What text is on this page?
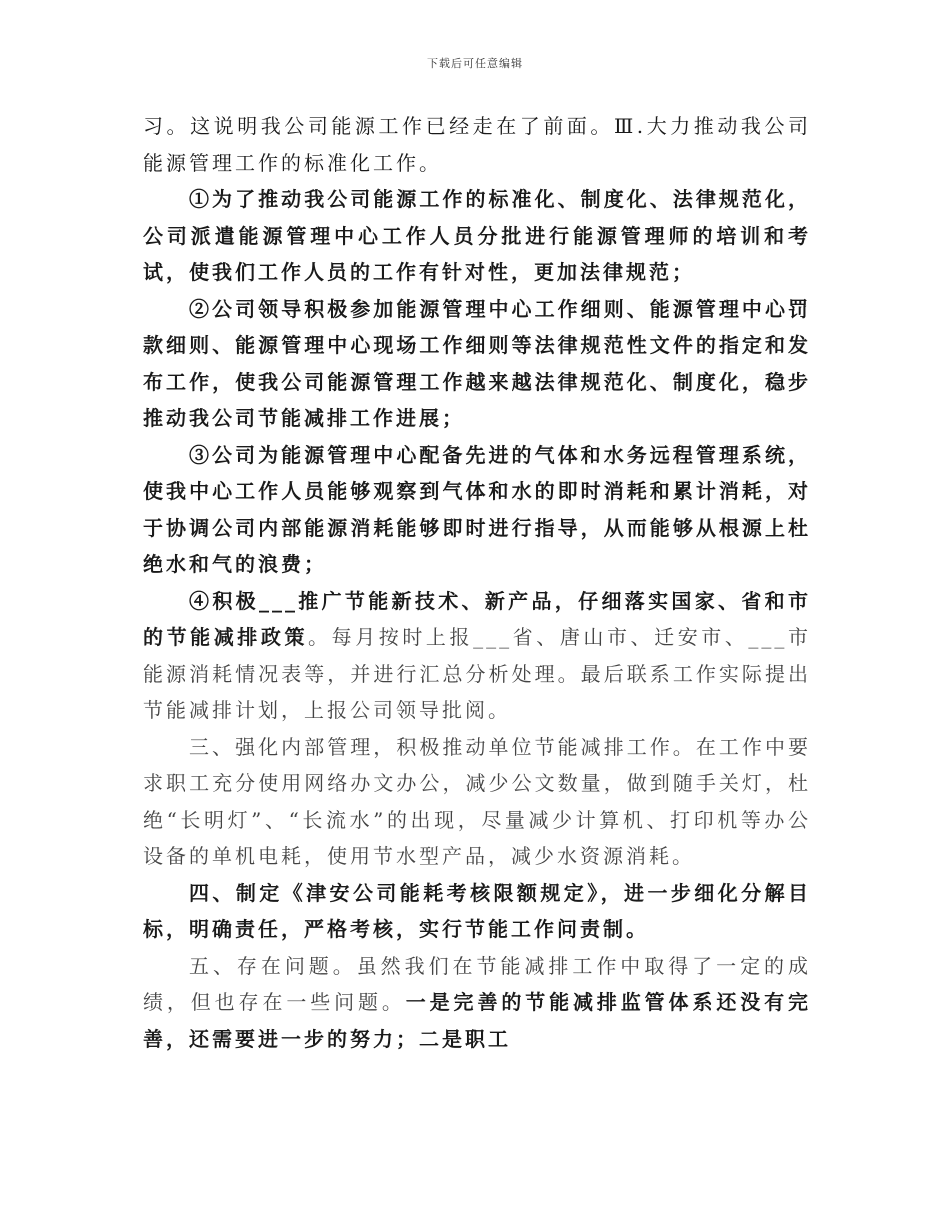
下载后可任意编辑

习。这说明我公司能源工作已经走在了前面。Ⅲ.大力推动我公司能源管理工作的标准化工作。

①为了推动我公司能源工作的标准化、制度化、法律规范化，公司派遣能源管理中心工作人员分批进行能源管理师的培训和考试，使我们工作人员的工作有针对性，更加法律规范；

②公司领导积极参加能源管理中心工作细则、能源管理中心罚款细则、能源管理中心现场工作细则等法律规范性文件的指定和发布工作，使我公司能源管理工作越来越法律规范化、制度化，稳步推动我公司节能减排工作进展；

③公司为能源管理中心配备先进的气体和水务远程管理系统，使我中心工作人员能够观察到气体和水的即时消耗和累计消耗，对于协调公司内部能源消耗能够即时进行指导，从而能够从根源上杜绝水和气的浪费；

④积极___推广节能新技术、新产品，仔细落实国家、省和市的节能减排政策。每月按时上报___省、唐山市、迁安市、___市能源消耗情况表等，并进行汇总分析处理。最后联系工作实际提出节能减排计划，上报公司领导批阅。

三、强化内部管理，积极推动单位节能减排工作。在工作中要求职工充分使用网络办文办公，减少公文数量，做到随手关灯，杜绝“长明灯”、“长流水”的出现，尽量减少计算机、打印机等办公设备的单机电耗，使用节水型产品，减少水资源消耗。

四、制定《津安公司能耗考核限额规定》，进一步细化分解目标，明确责任，严格考核，实行节能工作问责制。

五、存在问题。虽然我们在节能减排工作中取得了一定的成绩，但也存在一些问题。一是完善的节能减排监管体系还没有完善，还需要进一步的努力；二是职工
